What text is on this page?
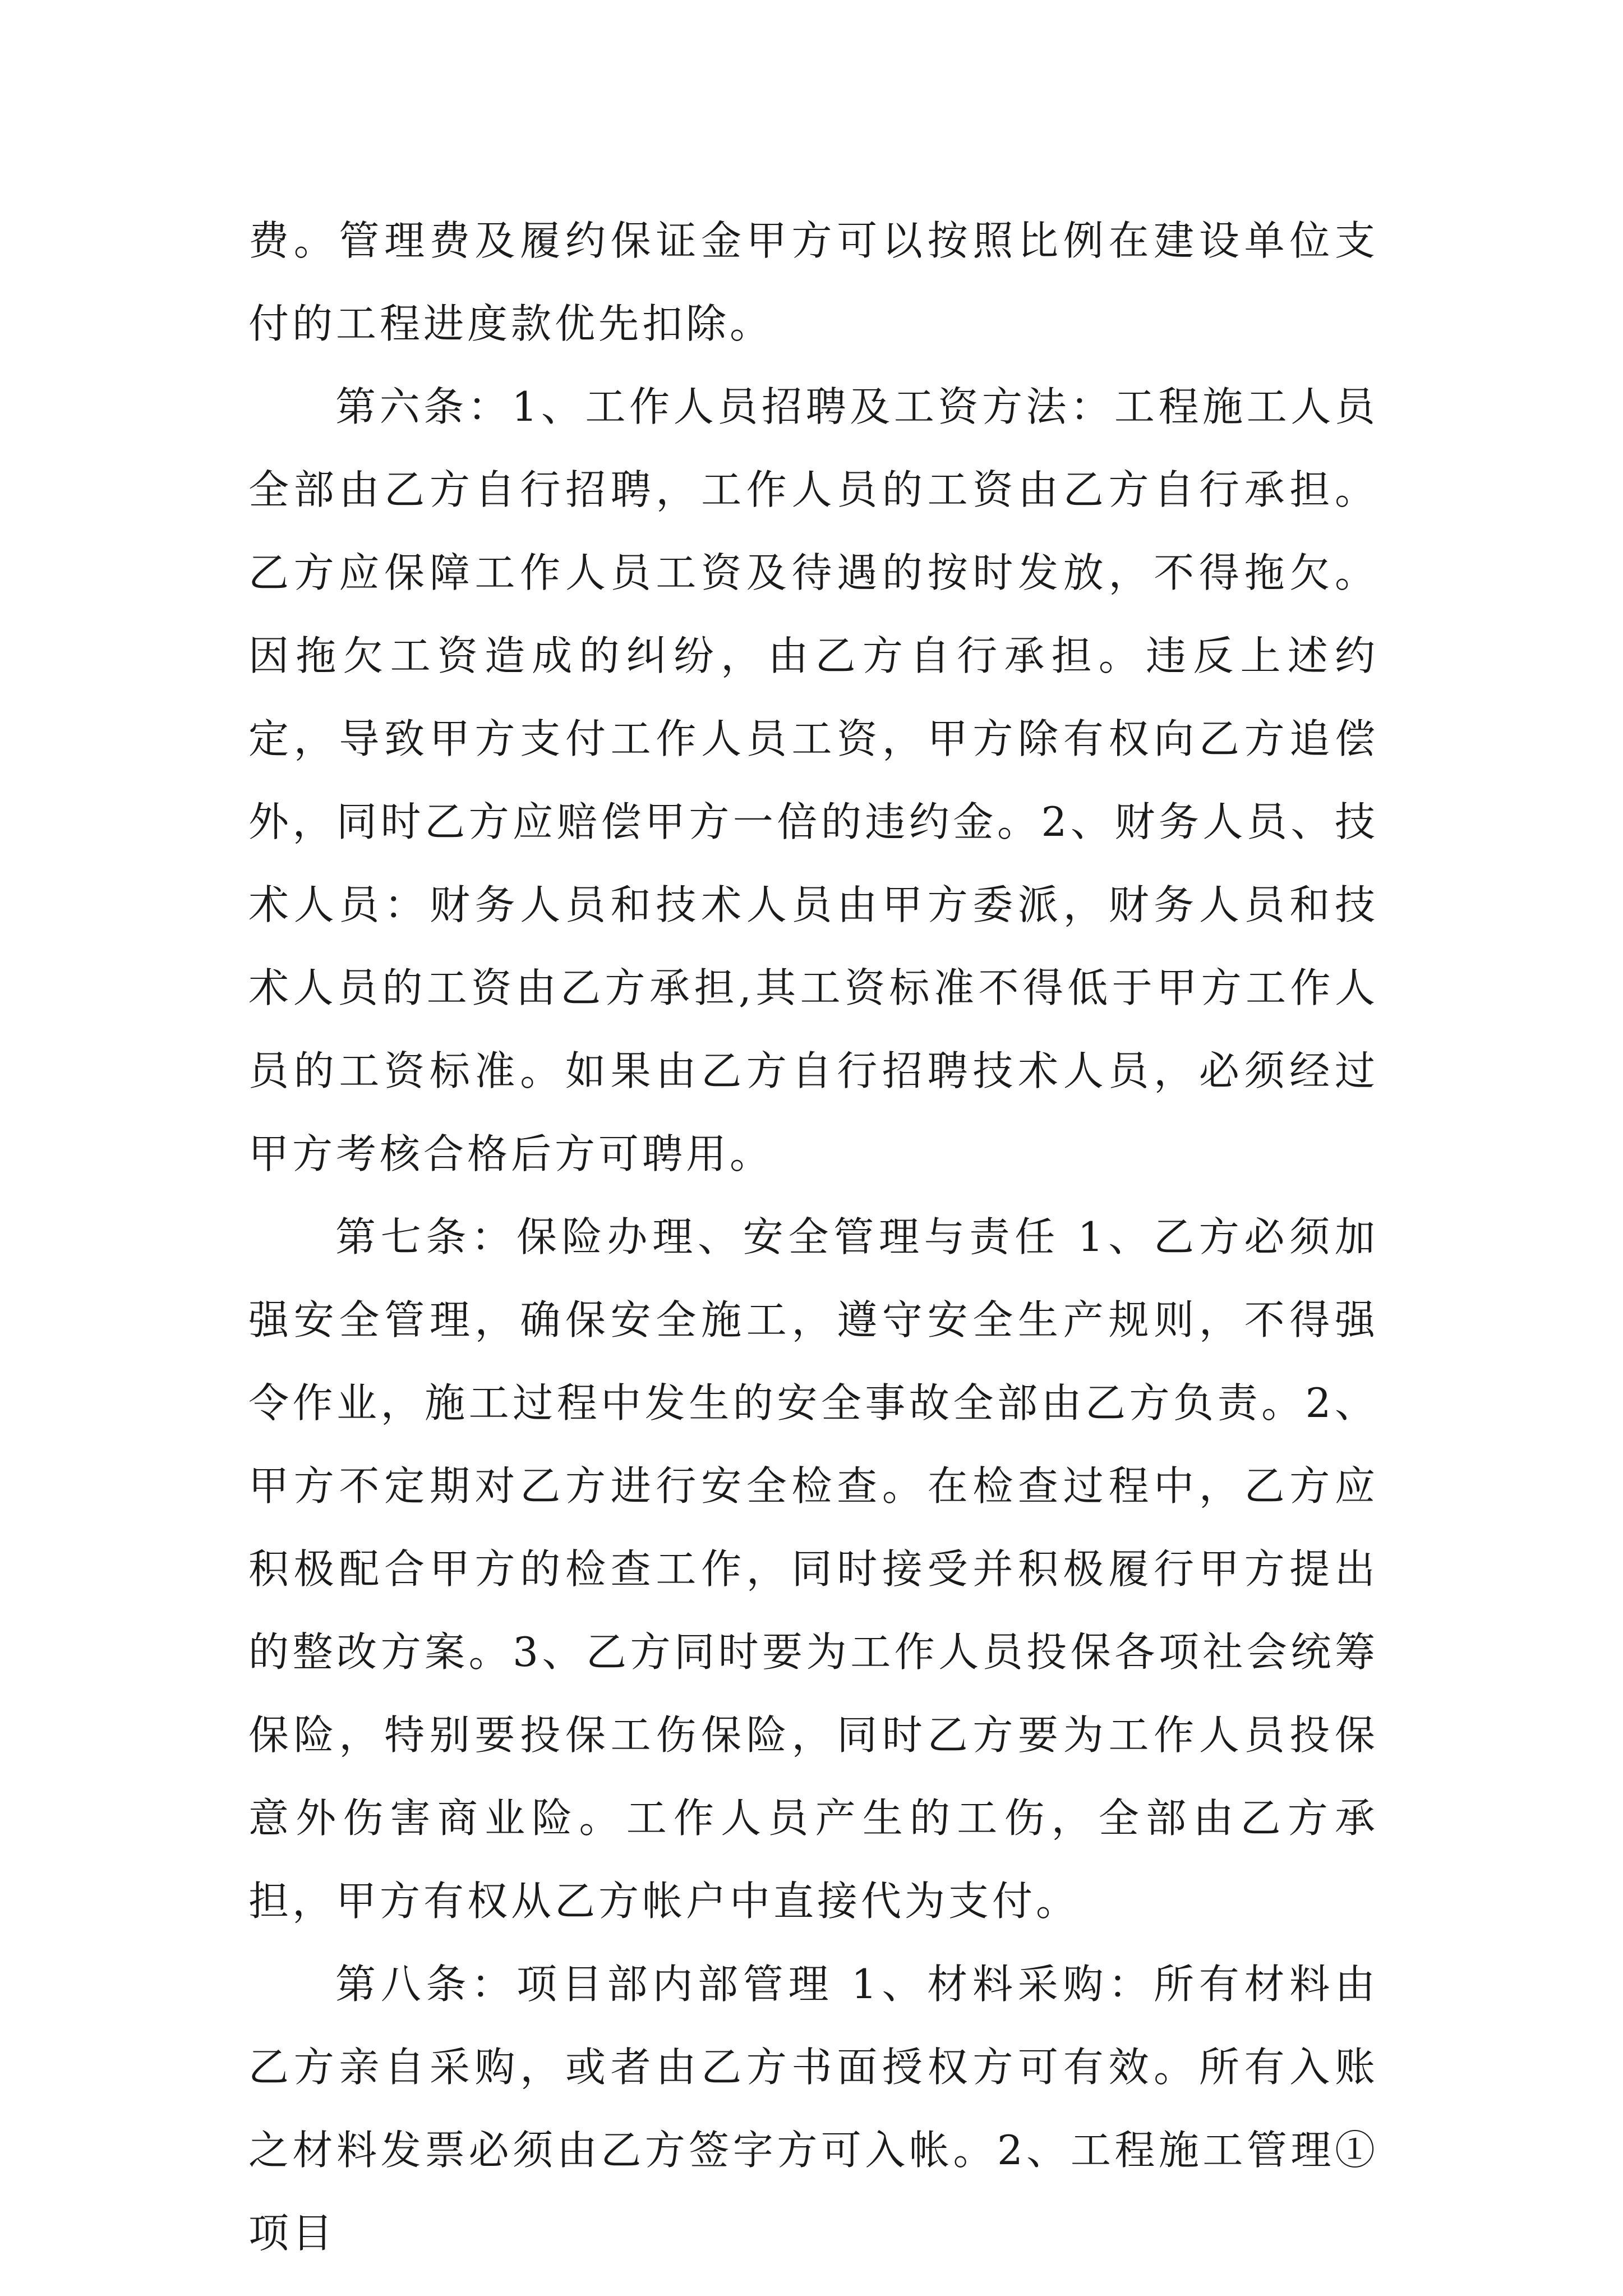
费。管理费及履约保证金甲方可以按照比例在建设单位支付的工程进度款优先扣除。

第六条：1、工作人员招聘及工资方法：工程施工人员全部由乙方自行招聘，工作人员的工资由乙方自行承担。乙方应保障工作人员工资及待遇的按时发放，不得拖欠。因拖欠工资造成的纠纷，由乙方自行承担。违反上述约定，导致甲方支付工作人员工资，甲方除有权向乙方追偿外，同时乙方应赔偿甲方一倍的违约金。2、财务人员、技术人员：财务人员和技术人员由甲方委派，财务人员和技术人员的工资由乙方承担,其工资标准不得低于甲方工作人员的工资标准。如果由乙方自行招聘技术人员，必须经过甲方考核合格后方可聘用。

第七条：保险办理、安全管理与责任 1、乙方必须加强安全管理，确保安全施工，遵守安全生产规则，不得强令作业，施工过程中发生的安全事故全部由乙方负责。2、甲方不定期对乙方进行安全检查。在检查过程中，乙方应积极配合甲方的检查工作，同时接受并积极履行甲方提出的整改方案。3、乙方同时要为工作人员投保各项社会统筹保险，特别要投保工伤保险，同时乙方要为工作人员投保意外伤害商业险。工作人员产生的工伤，全部由乙方承担，甲方有权从乙方帐户中直接代为支付。

第八条：项目部内部管理 1、材料采购：所有材料由乙方亲自采购，或者由乙方书面授权方可有效。所有入账之材料发票必须由乙方签字方可入帐。2、工程施工管理①项目
